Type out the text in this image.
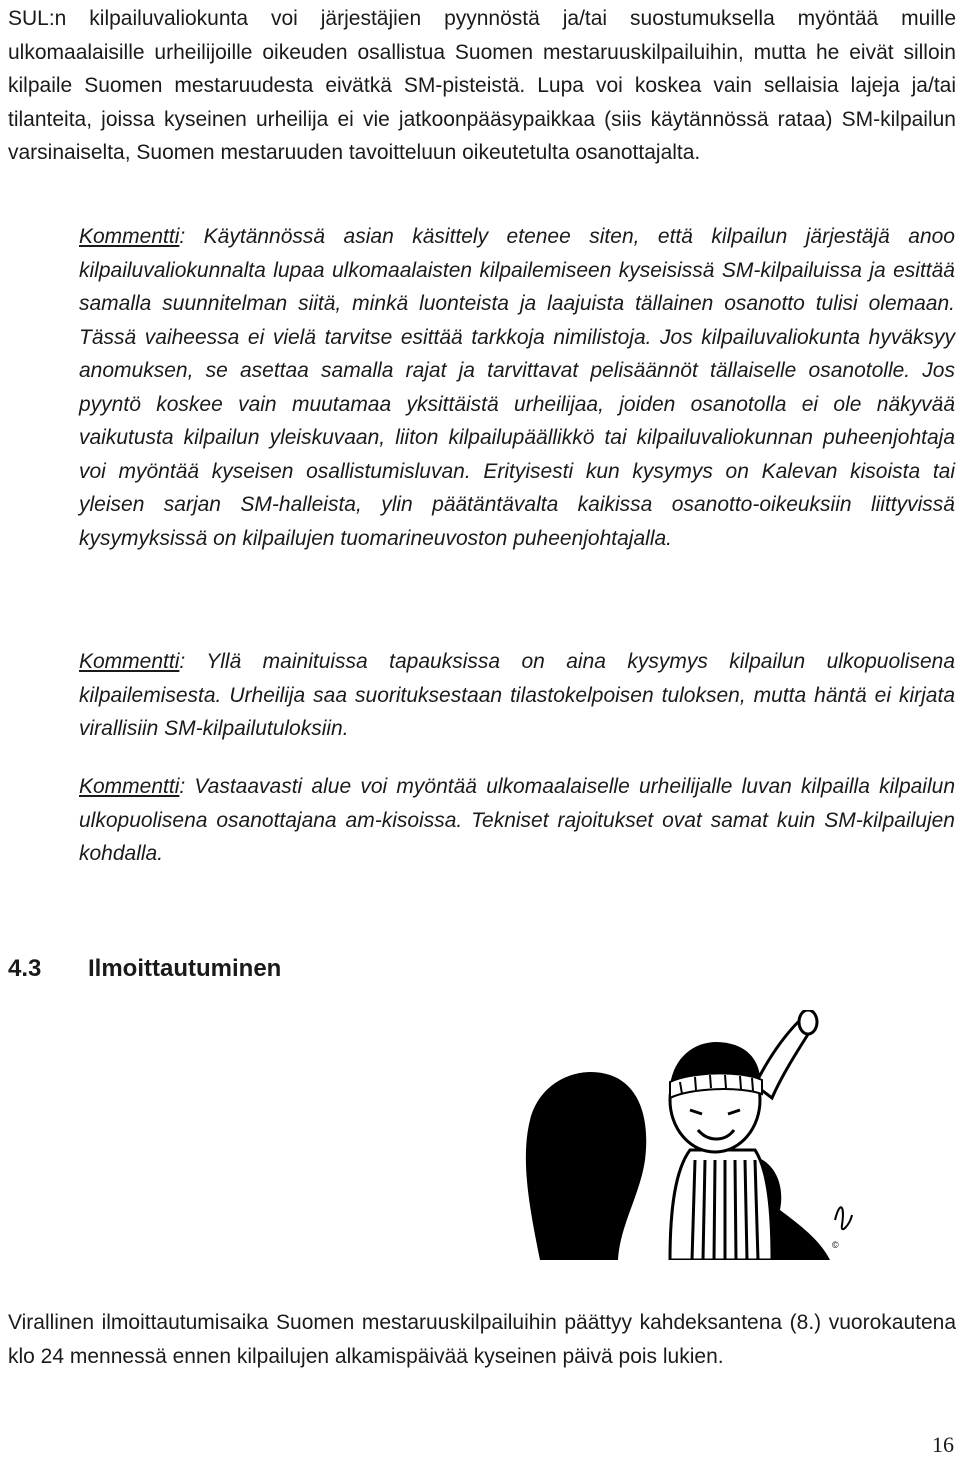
SUL:n kilpailuvaliokunta voi järjestäjien pyynnöstä ja/tai suostumuksella myöntää muille ulkomaalaisille urheilijoille oikeuden osallistua Suomen mestaruuskilpailuihin, mutta he eivät silloin kilpaile Suomen mestaruudesta eivätkä SM-pisteistä. Lupa voi koskea vain sellaisia lajeja ja/tai tilanteita, joissa kyseinen urheilija ei vie jatkoonpääsypaikkaa (siis käytännössä rataa) SM-kilpailun varsinaiselta, Suomen mestaruuden tavoitteluun oikeutetulta osanottajalta.

Kommentti: Käytännössä asian käsittely etenee siten, että kilpailun järjestäjä anoo kilpailuvaliokunnalta lupaa ulkomaalaisten kilpailemiseen kyseisissä SM-kilpailuissa ja esittää samalla suunnitelman siitä, minkä luonteista ja laajuista tällainen osanotto tulisi olemaan. Tässä vaiheessa ei vielä tarvitse esittää tarkkoja nimilistoja. Jos kilpailuvaliokunta hyväksyy anomuksen, se asettaa samalla rajat ja tarvittavat pelisäännöt tällaiselle osanotolle. Jos pyyntö koskee vain muutamaa yksittäistä urheilijaa, joiden osanotolla ei ole näkyvää vaikutusta kilpailun yleiskuvaan, liiton kilpailupäällikkö tai kilpailuvaliokunnan puheenjohtaja voi myöntää kyseisen osallistumisluvan. Erityisesti kun kysymys on Kalevan kisoista tai yleisen sarjan SM-halleista, ylin päätäntävalta kaikissa osanotto-oikeuksiin liittyvissä kysymyksissä on kilpailujen tuomarineuvoston puheenjohtajalla.

Kommentti: Yllä mainituissa tapauksissa on aina kysymys kilpailun ulkopuolisena kilpailemisesta. Urheilija saa suorituksestaan tilastokelpoisen tuloksen, mutta häntä ei kirjata virallisiin SM-kilpailutuloksiin.

Kommentti: Vastaavasti alue voi myöntää ulkomaalaiselle urheilijalle luvan kilpailla kilpailun ulkopuolisena osanottajana am-kisoissa. Tekniset rajoitukset ovat samat kuin SM-kilpailujen kohdalla.

4.3	Ilmoittautuminen
©

Virallinen ilmoittautumisaika Suomen mestaruuskilpailuihin päättyy kahdeksantena (8.) vuorokautena klo 24 mennessä ennen kilpailujen alkamispäivää kyseinen päivä pois lukien.

16
